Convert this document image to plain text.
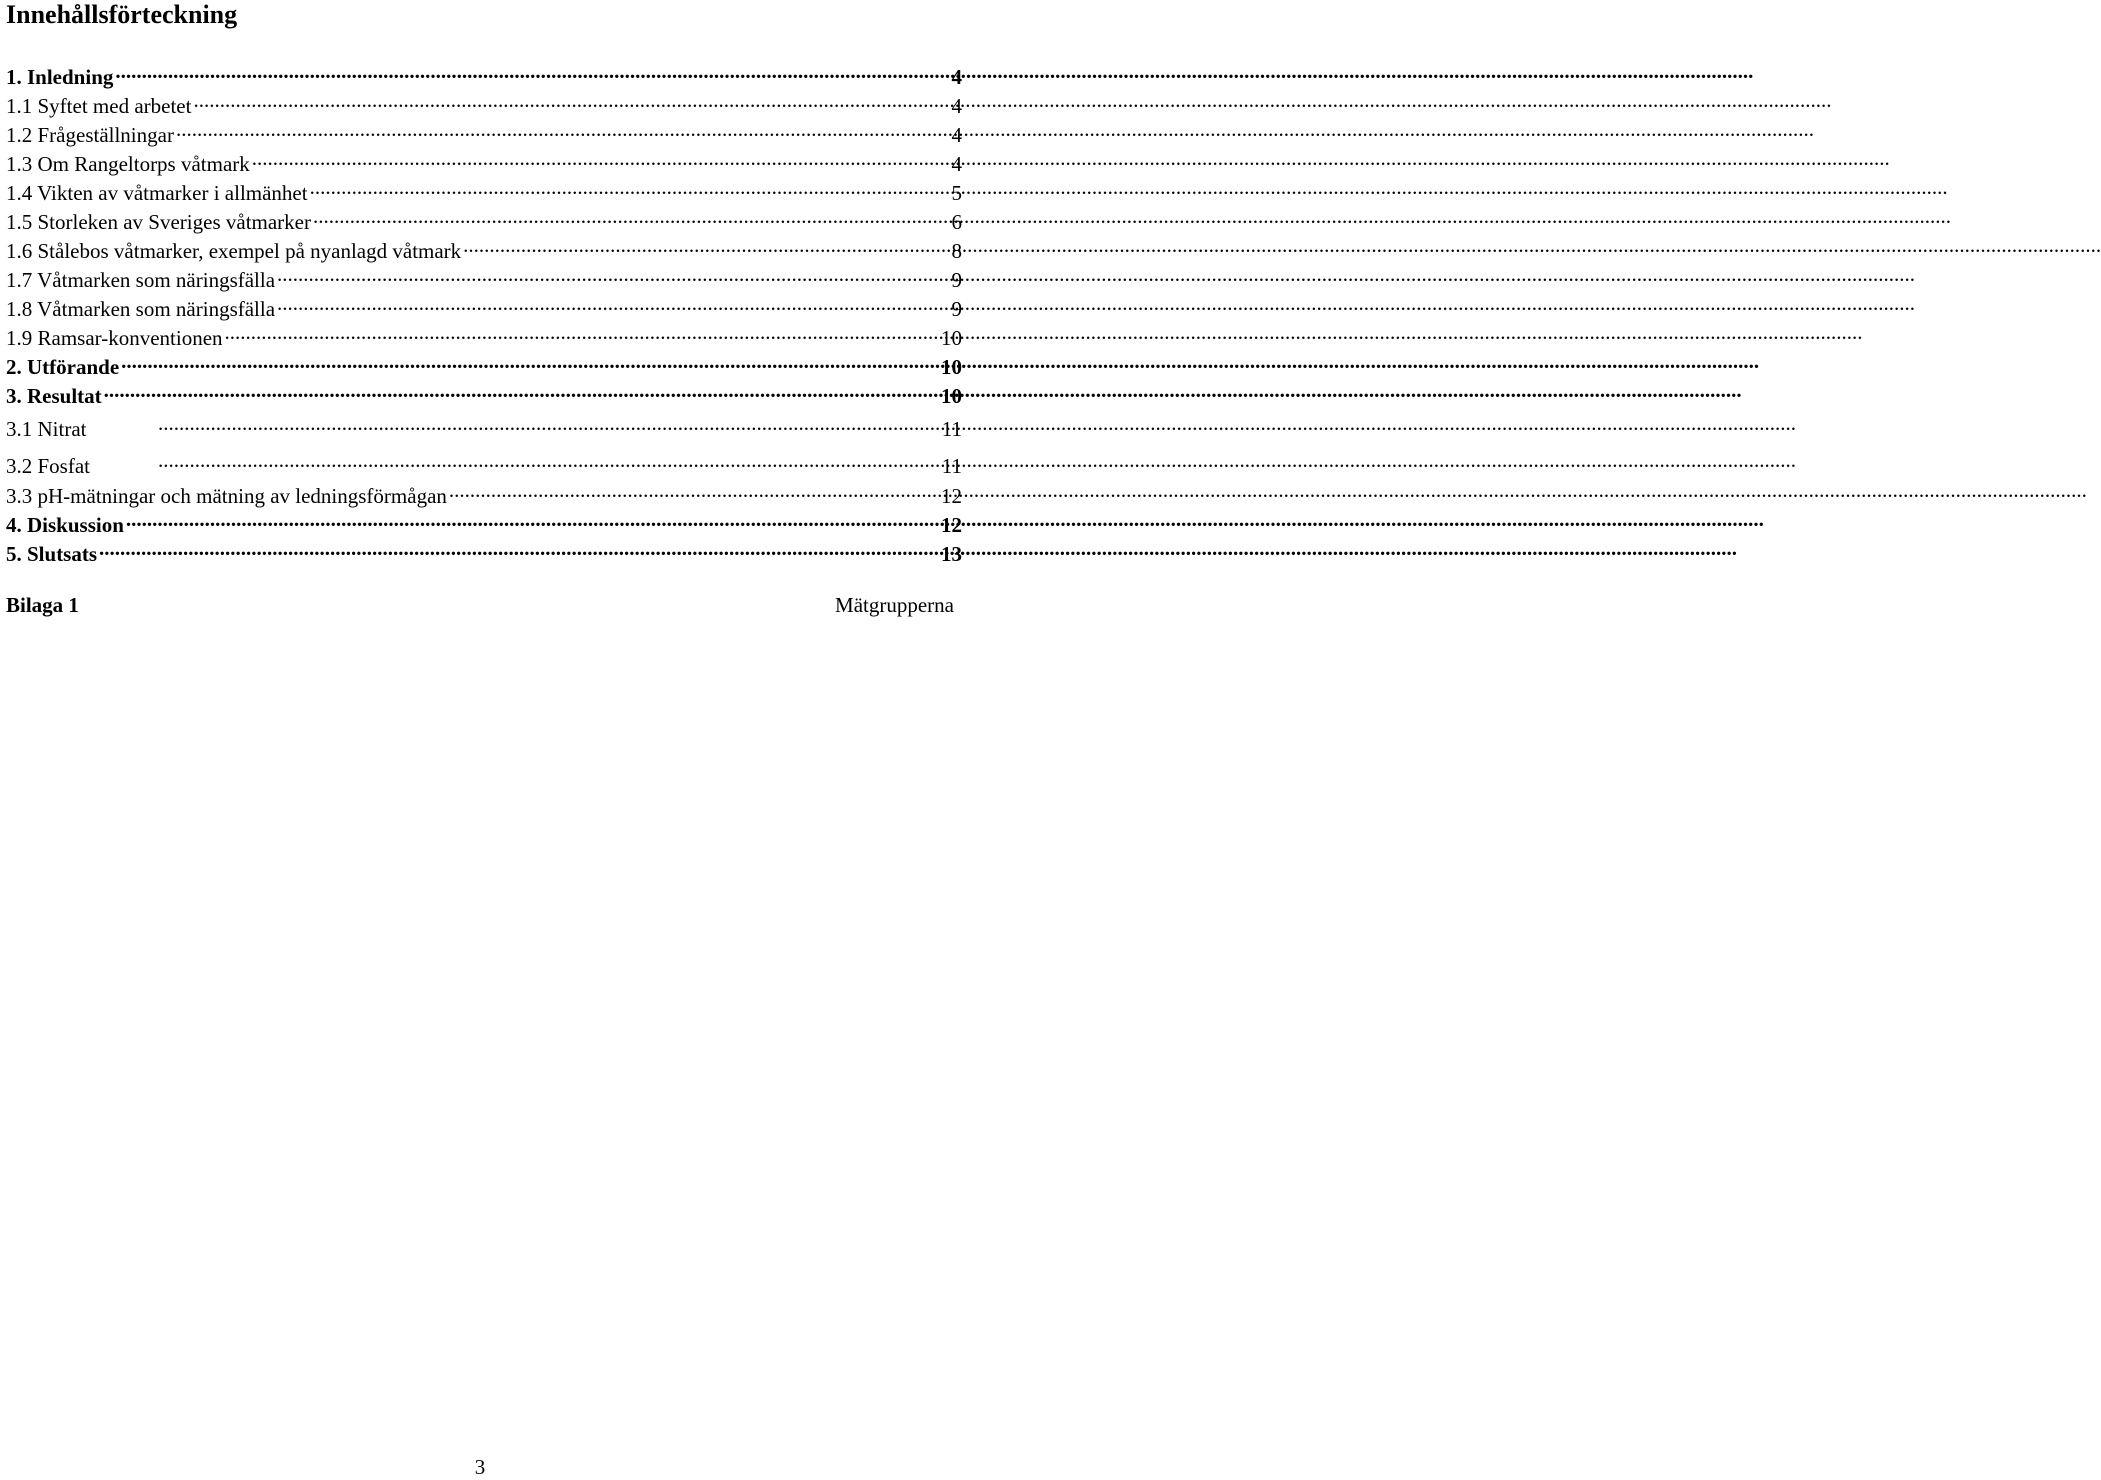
Innehållsförteckning
1. Inledning .....	4
1.1 Syftet med arbetet .....	4
1.2 Frågeställningar .....	4
1.3 Om Rangeltorps våtmark .....	4
1.4 Vikten av våtmarker i allmänhet .....	5
1.5 Storleken av Sveriges våtmarker .....	6
1.6 Stålebos våtmarker, exempel på nyanlagd våtmark .....	8
1.7 Våtmarken som näringsfälla .....	9
1.8 Våtmarken som näringsfälla .....	9
1.9 Ramsar-konventionen .....	10
2. Utförande .....	10
3. Resultat .....	10
3.1 Nitrat .....	11
3.2 Fosfat .....	11
3.3 pH-mätningar och mätning av ledningsförmågan .....	12
4. Diskussion .....	12
5. Slutsats .....	13
Bilaga 1	Mätgrupperna
3
